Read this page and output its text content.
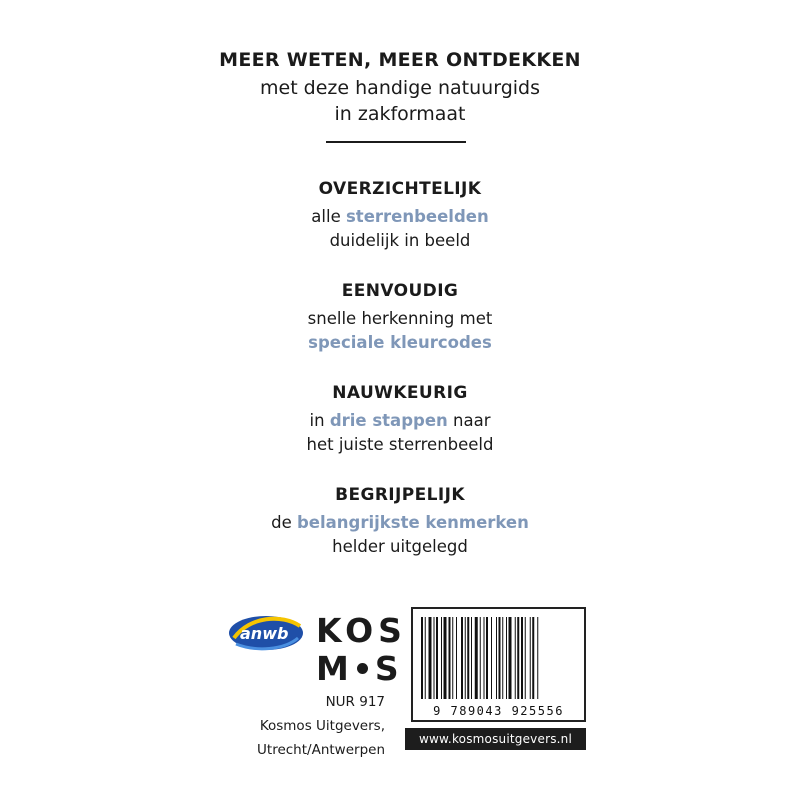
MEER WETEN, MEER ONTDEKKEN
met deze handige natuurgids
in zakformaat
OVERZICHTELIJK
alle sterrenbeelden
duidelijk in beeld
EENVOUDIG
snelle herkenning met
speciale kleurcodes
NAUWKEURIG
in drie stappen naar
het juiste sterrenbeeld
BEGRIJPELIJK
de belangrijkste kenmerken
helder uitgelegd
anwb KOS
M S
NUR 917
Kosmos Uitgevers,
Utrecht/Antwerpen
9 789043 925556
www.kosmosuitgevers.nl
